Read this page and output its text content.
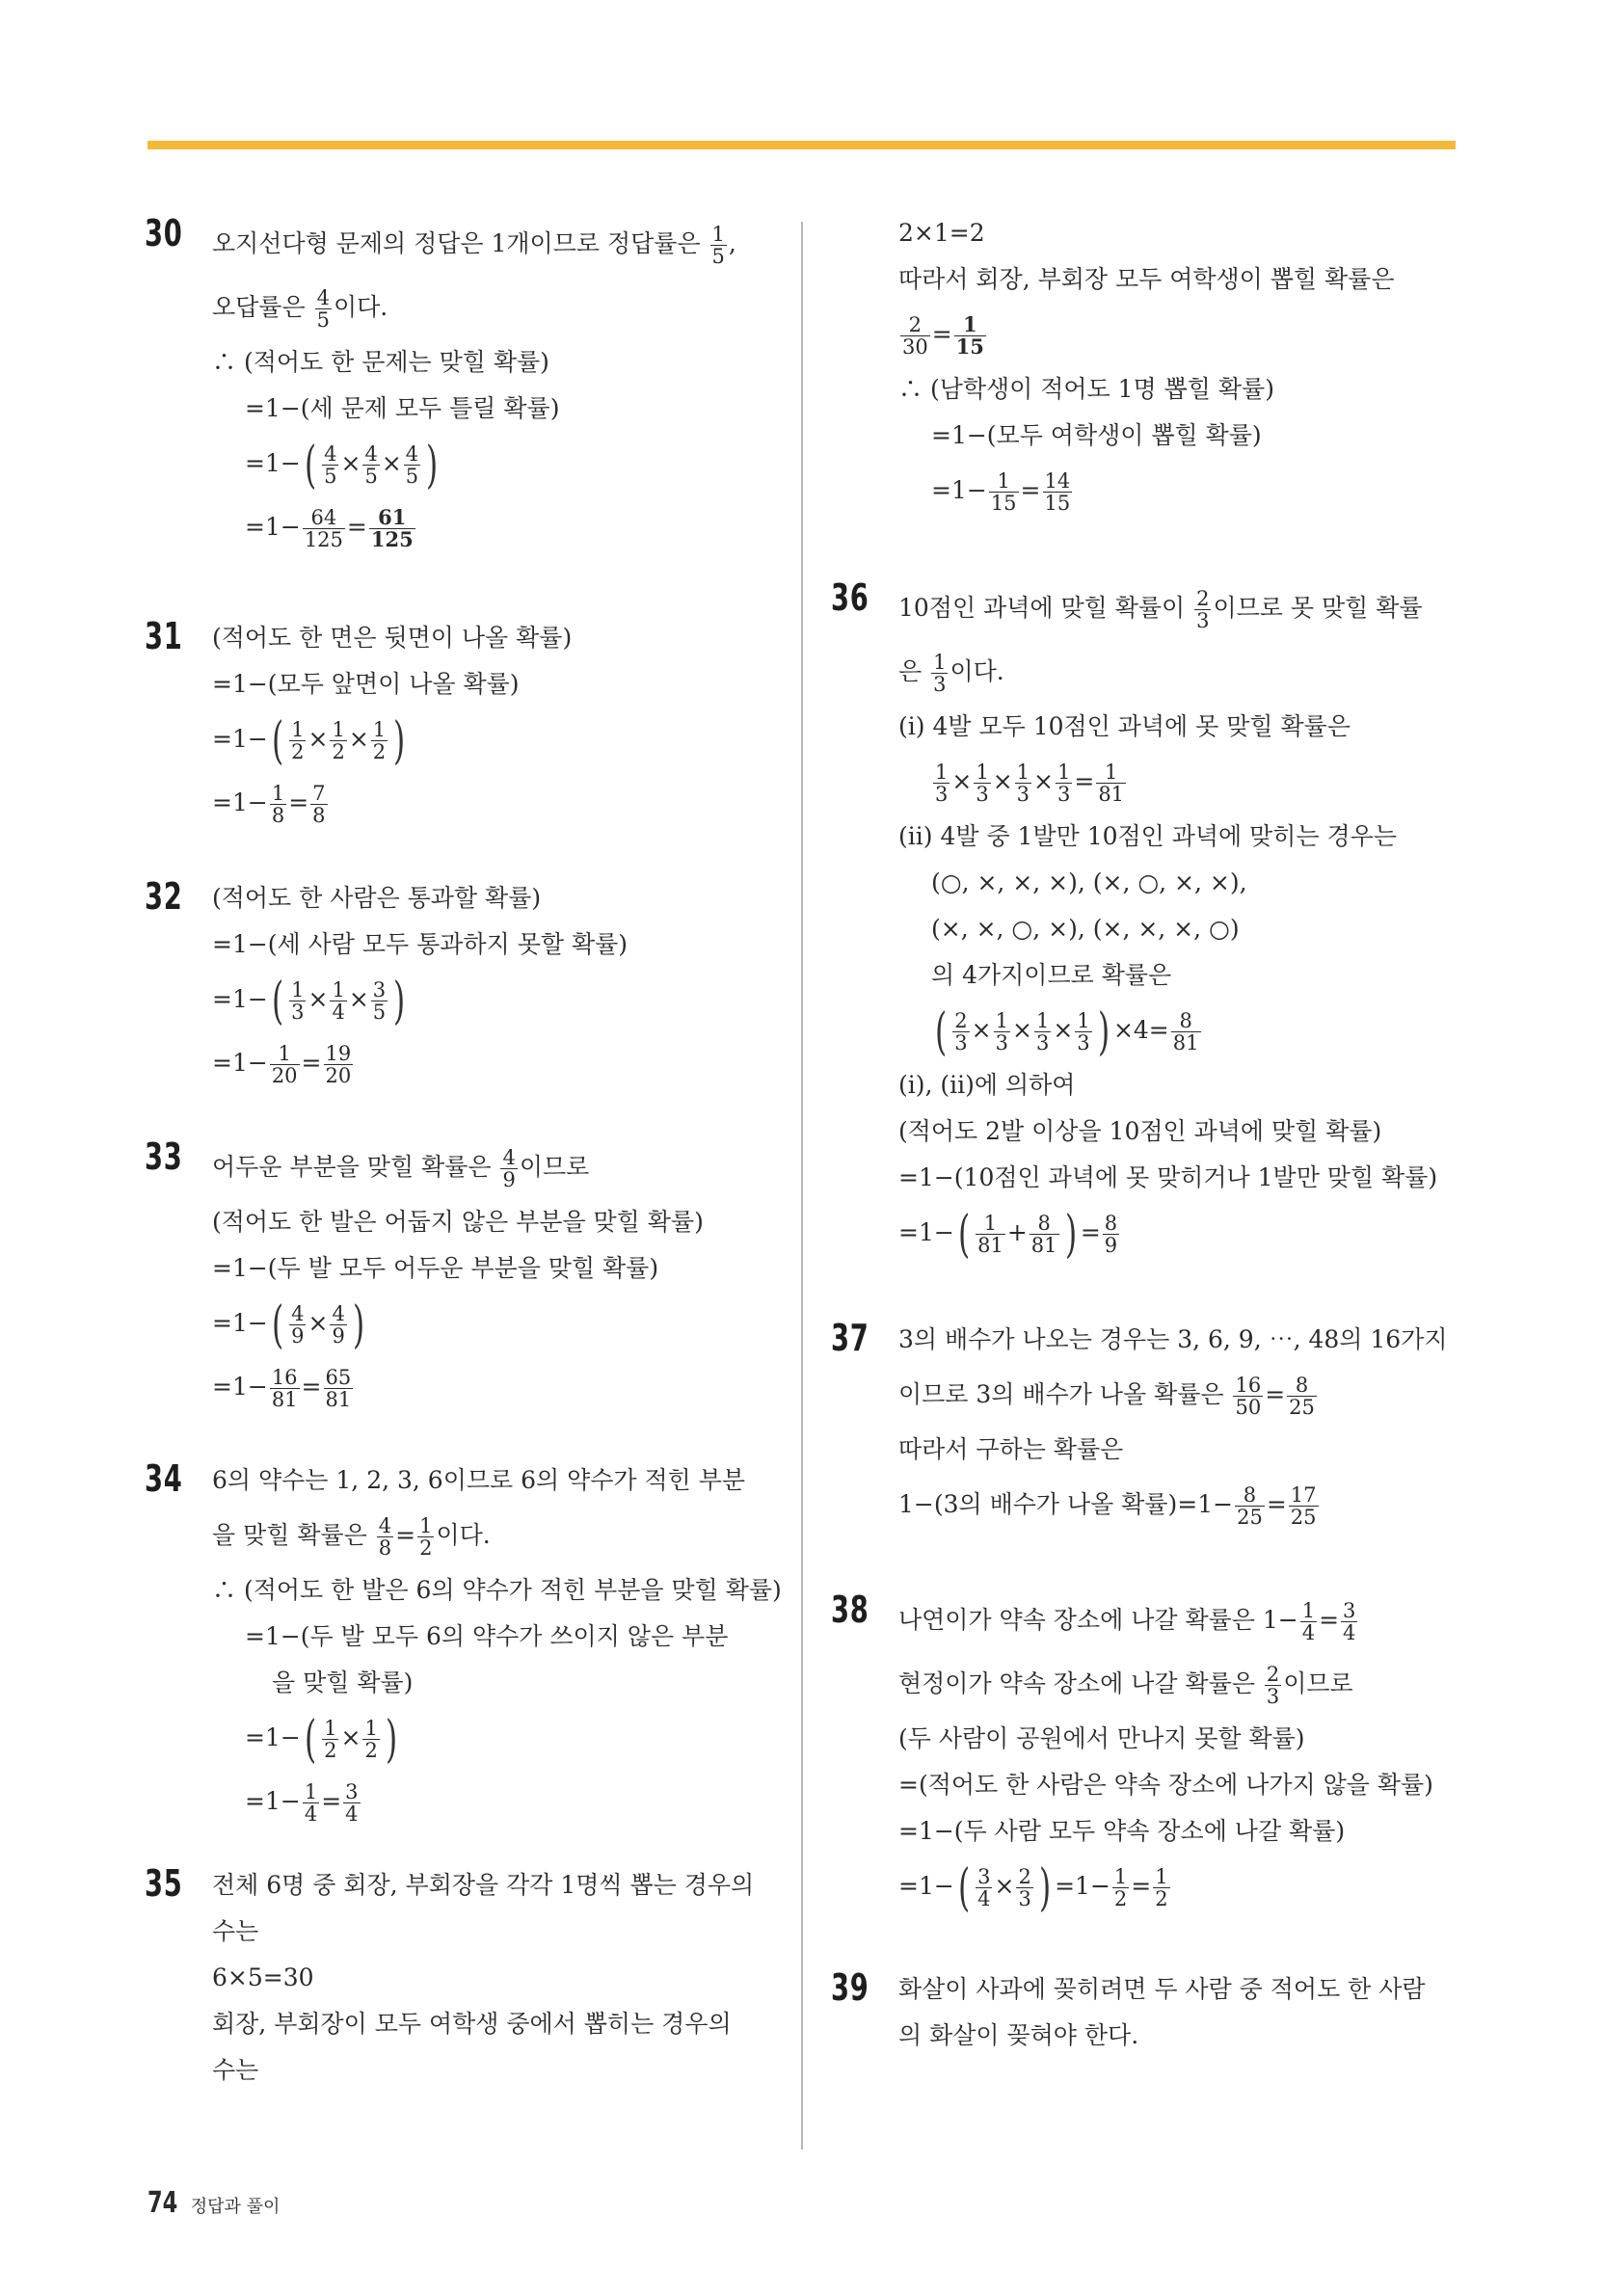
30 오지선다형 문제의 정답은 1개이므로 정답률은 $\frac{1}{5}$ ,
오답률은 $\frac{4}{5}$ 이다.
∴ (적어도 한 문제는 맞힐 확률)
=1−(세 문제 모두 틀릴 확률)
$=1-( \frac{4}{5} \times \frac{4}{5} \times \frac{4}{5}$ )
$=1- \frac{64}{125} = \frac{61}{125}$
31 (적어도 한 면은 뒷면이 나올 확률)
=1−(모두 앞면이 나올 확률)
$=1-( \frac{1}{2} \times \frac{1}{2} \times \frac{1}{2}$ )
$=1- \frac{1}{8} = \frac{7}{8}$
32 (적어도 한 사람은 통과할 확률)
=1−(세 사람 모두 통과하지 못할 확률)
$=1-( \frac{1}{3} \times \frac{1}{4} \times \frac{3}{5}$ )
$=1- \frac{1}{20} = \frac{19}{20}$
33 어두운 부분을 맞힐 확률은 $\frac{4}{9}$ 이므로
(적어도 한 발은 어둡지 않은 부분을 맞힐 확률)
=1−(두 발 모두 어두운 부분을 맞힐 확률)
$=1-( \frac{4}{9} \times \frac{4}{9}$ )
$=1- \frac{16}{81} = \frac{65}{81}$
34 6의 약수는 1, 2, 3, 6이므로 6의 약수가 적힌 부분
을 맞힐 확률은 $\frac{4}{8} = \frac{1}{2}$ 이다.
∴ (적어도 한 발은 6의 약수가 적힌 부분을 맞힐 확률)
=1−(두 발 모두 6의 약수가 쓰이지 않은 부분
을 맞힐 확률)
$=1-( \frac{1}{2} \times \frac{1}{2}$ )
$=1- \frac{1}{4} = \frac{3}{4}$
35 전체 6명 중 회장, 부회장을 각각 1명씩 뽑는 경우의
수는
6×5=30
회장, 부회장이 모두 여학생 중에서 뽑히는 경우의
수는
2×1=2
따라서 회장, 부회장 모두 여학생이 뽑힐 확률은
$\frac{2}{30} = \frac{1}{15}$
∴ (남학생이 적어도 1명 뽑힐 확률)
=1−(모두 여학생이 뽑힐 확률)
$=1- \frac{1}{15} = \frac{14}{15}$
36 10점인 과녁에 맞힐 확률이 $\frac{2}{3}$ 이므로 못 맞힐 확률
은 $\frac{1}{3}$ 이다.
(i) 4발 모두 10점인 과녁에 못 맞힐 확률은
$\frac{1}{3} \times \frac{1}{3} \times \frac{1}{3} \times \frac{1}{3} = \frac{1}{81}$
(ii) 4발 중 1발만 10점인 과녁에 맞히는 경우는
(○, ×, ×, ×), (×, ○, ×, ×),
(×, ×, ○, ×), (×, ×, ×, ○)
의 4가지이므로 확률은
( $\frac{2}{3} \times \frac{1}{3} \times \frac{1}{3} \times \frac{1}{3}$ ) $\times 4= \frac{8}{81}$
(i), (ii)에 의하여
(적어도 2발 이상을 10점인 과녁에 맞힐 확률)
=1−(10점인 과녁에 못 맞히거나 1발만 맞힐 확률)
$=1-( \frac{1}{81} + \frac{8}{81}$ ) = $\frac{8}{9}$
37 3의 배수가 나오는 경우는 3, 6, 9, ⋯, 48의 16가지
이므로 3의 배수가 나올 확률은 $\frac{16}{50} = \frac{8}{25}$
따라서 구하는 확률은
1−(3의 배수가 나올 확률)$=1- \frac{8}{25} = \frac{17}{25}$
38 나연이가 약속 장소에 나갈 확률은 $1- \frac{1}{4} = \frac{3}{4}$
현정이가 약속 장소에 나갈 확률은 $\frac{2}{3}$ 이므로
(두 사람이 공원에서 만나지 못할 확률)
=(적어도 한 사람은 약속 장소에 나가지 않을 확률)
=1−(두 사람 모두 약속 장소에 나갈 확률)
$=1-( \frac{3}{4} \times \frac{2}{3}$ ) $=1- \frac{1}{2} = \frac{1}{2}$
39 화살이 사과에 꽂히려면 두 사람 중 적어도 한 사람
의 화살이 꽂혀야 한다.
74 정답과 풀이
